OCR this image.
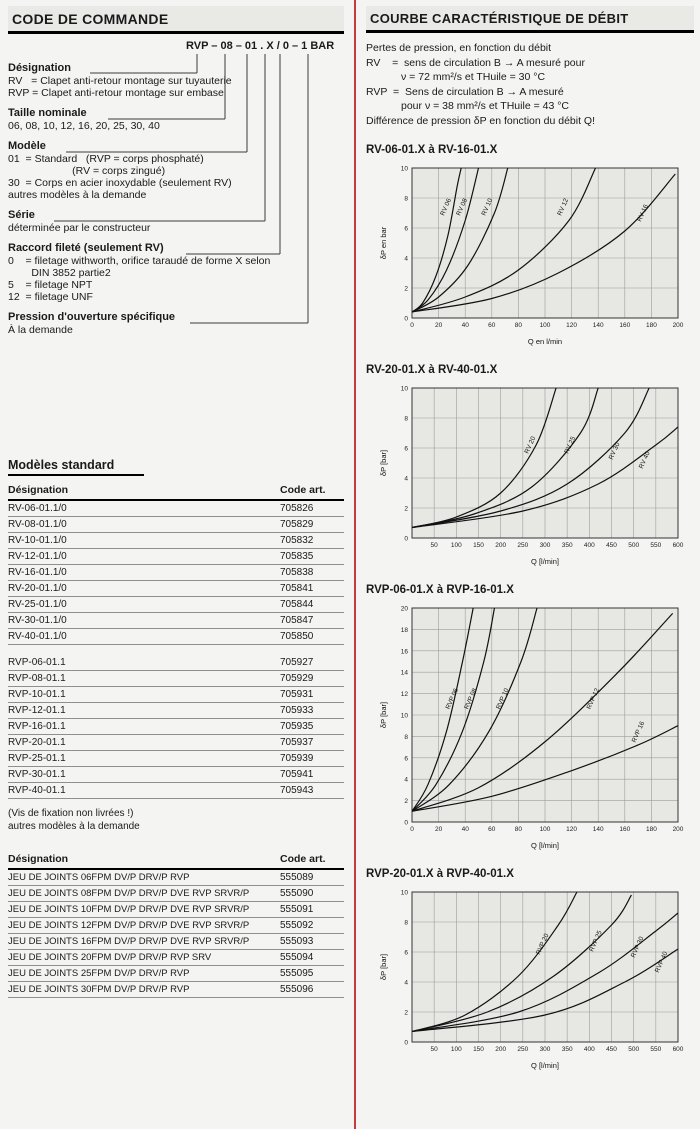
CODE DE COMMANDE
RVP – 08 – 01 . X / 0 – 1 BAR
Désignation
RV   = Clapet anti-retour montage sur tuyauterie
RVP = Clapet anti-retour montage sur embase
Taille nominale
06, 08, 10, 12, 16, 20, 25, 30, 40
Modèle
01  = Standard   (RVP = corps phosphaté)
(RV = corps zingué)
30  = Corps en acier inoxydable (seulement RV)
autres modèles à la demande
Série
déterminée par le constructeur
Raccord fileté (seulement RV)
0    = filetage withworth, orifice taraudé de forme X selon
DIN 3852 partie2
5    = filetage NPT
12  = filetage UNF
Pression d'ouverture spécifique
À la demande
Modèles standard
Désignation	Code art.
RV-06-01.1/0	705826
RV-08-01.1/0	705829
RV-10-01.1/0	705832
RV-12-01.1/0	705835
RV-16-01.1/0	705838
RV-20-01.1/0	705841
RV-25-01.1/0	705844
RV-30-01.1/0	705847
RV-40-01.1/0	705850

RVP-06-01.1	705927
RVP-08-01.1	705929
RVP-10-01.1	705931
RVP-12-01.1	705933
RVP-16-01.1	705935
RVP-20-01.1	705937
RVP-25-01.1	705939
RVP-30-01.1	705941
RVP-40-01.1	705943
(Vis de fixation non livrées !)
autres modèles à la demande
Désignation	Code art.
JEU DE JOINTS 06FPM DV/P DRV/P RVP	555089
JEU DE JOINTS 08FPM DV/P DRV/P DVE RVP SRVR/P	555090
JEU DE JOINTS 10FPM DV/P DRV/P DVE RVP SRVR/P	555091
JEU DE JOINTS 12FPM DV/P DRV/P DVE RVP SRVR/P	555092
JEU DE JOINTS 16FPM DV/P DRV/P DVE RVP SRVR/P	555093
JEU DE JOINTS 20FPM DV/P DRV/P RVP SRV	555094
JEU DE JOINTS 25FPM DV/P DRV/P RVP	555095
JEU DE JOINTS 30FPM DV/P DRV/P RVP	555096
COURBE CARACTÉRISTIQUE DE DÉBIT
Pertes de pression, en fonction du débit
RV    =  sens de circulation B → A mesuré pour
ν = 72 mm²/s et THuile = 30 °C
RVP  =  Sens de circulation B → A mesuré
pour ν = 38 mm²/s et THuile = 43 °C
Différence de pression δP en fonction du débit Q!
RV-06-01.X à RV-16-01.X
0	20	40	60	80	100 120 140 160 180 200
0
2
4
6
8
10
RV 06 RV 08 RV 10	RV 12	RV 16
δP en bar
Q en l/min
RV-20-01.X à RV-40-01.X
50 100 150 200 250 300 350 400 450 500 550 600
0
2
4
6
8
10
RV 20	RV 25	RV 30	RV 40
δP [bar]
Q [l/min]
RVP-06-01.X à RVP-16-01.X
0	20	40	60	80	100 120 140 160 180 200
0
2
4
6
8
10
12
14
16
18
20
RVP 06 RVP 08	RVP 10	RVP 12
RVP 16
δP [bar]
Q [l/min]
RVP-20-01.X à RVP-40-01.X
50 100 150 200 250 300 350 400 450 500 550 600
0
2
4
6
8
10
RVP 20	RVP 25	RVP 30
RVP 40
δP [bar]
Q [l/min]
